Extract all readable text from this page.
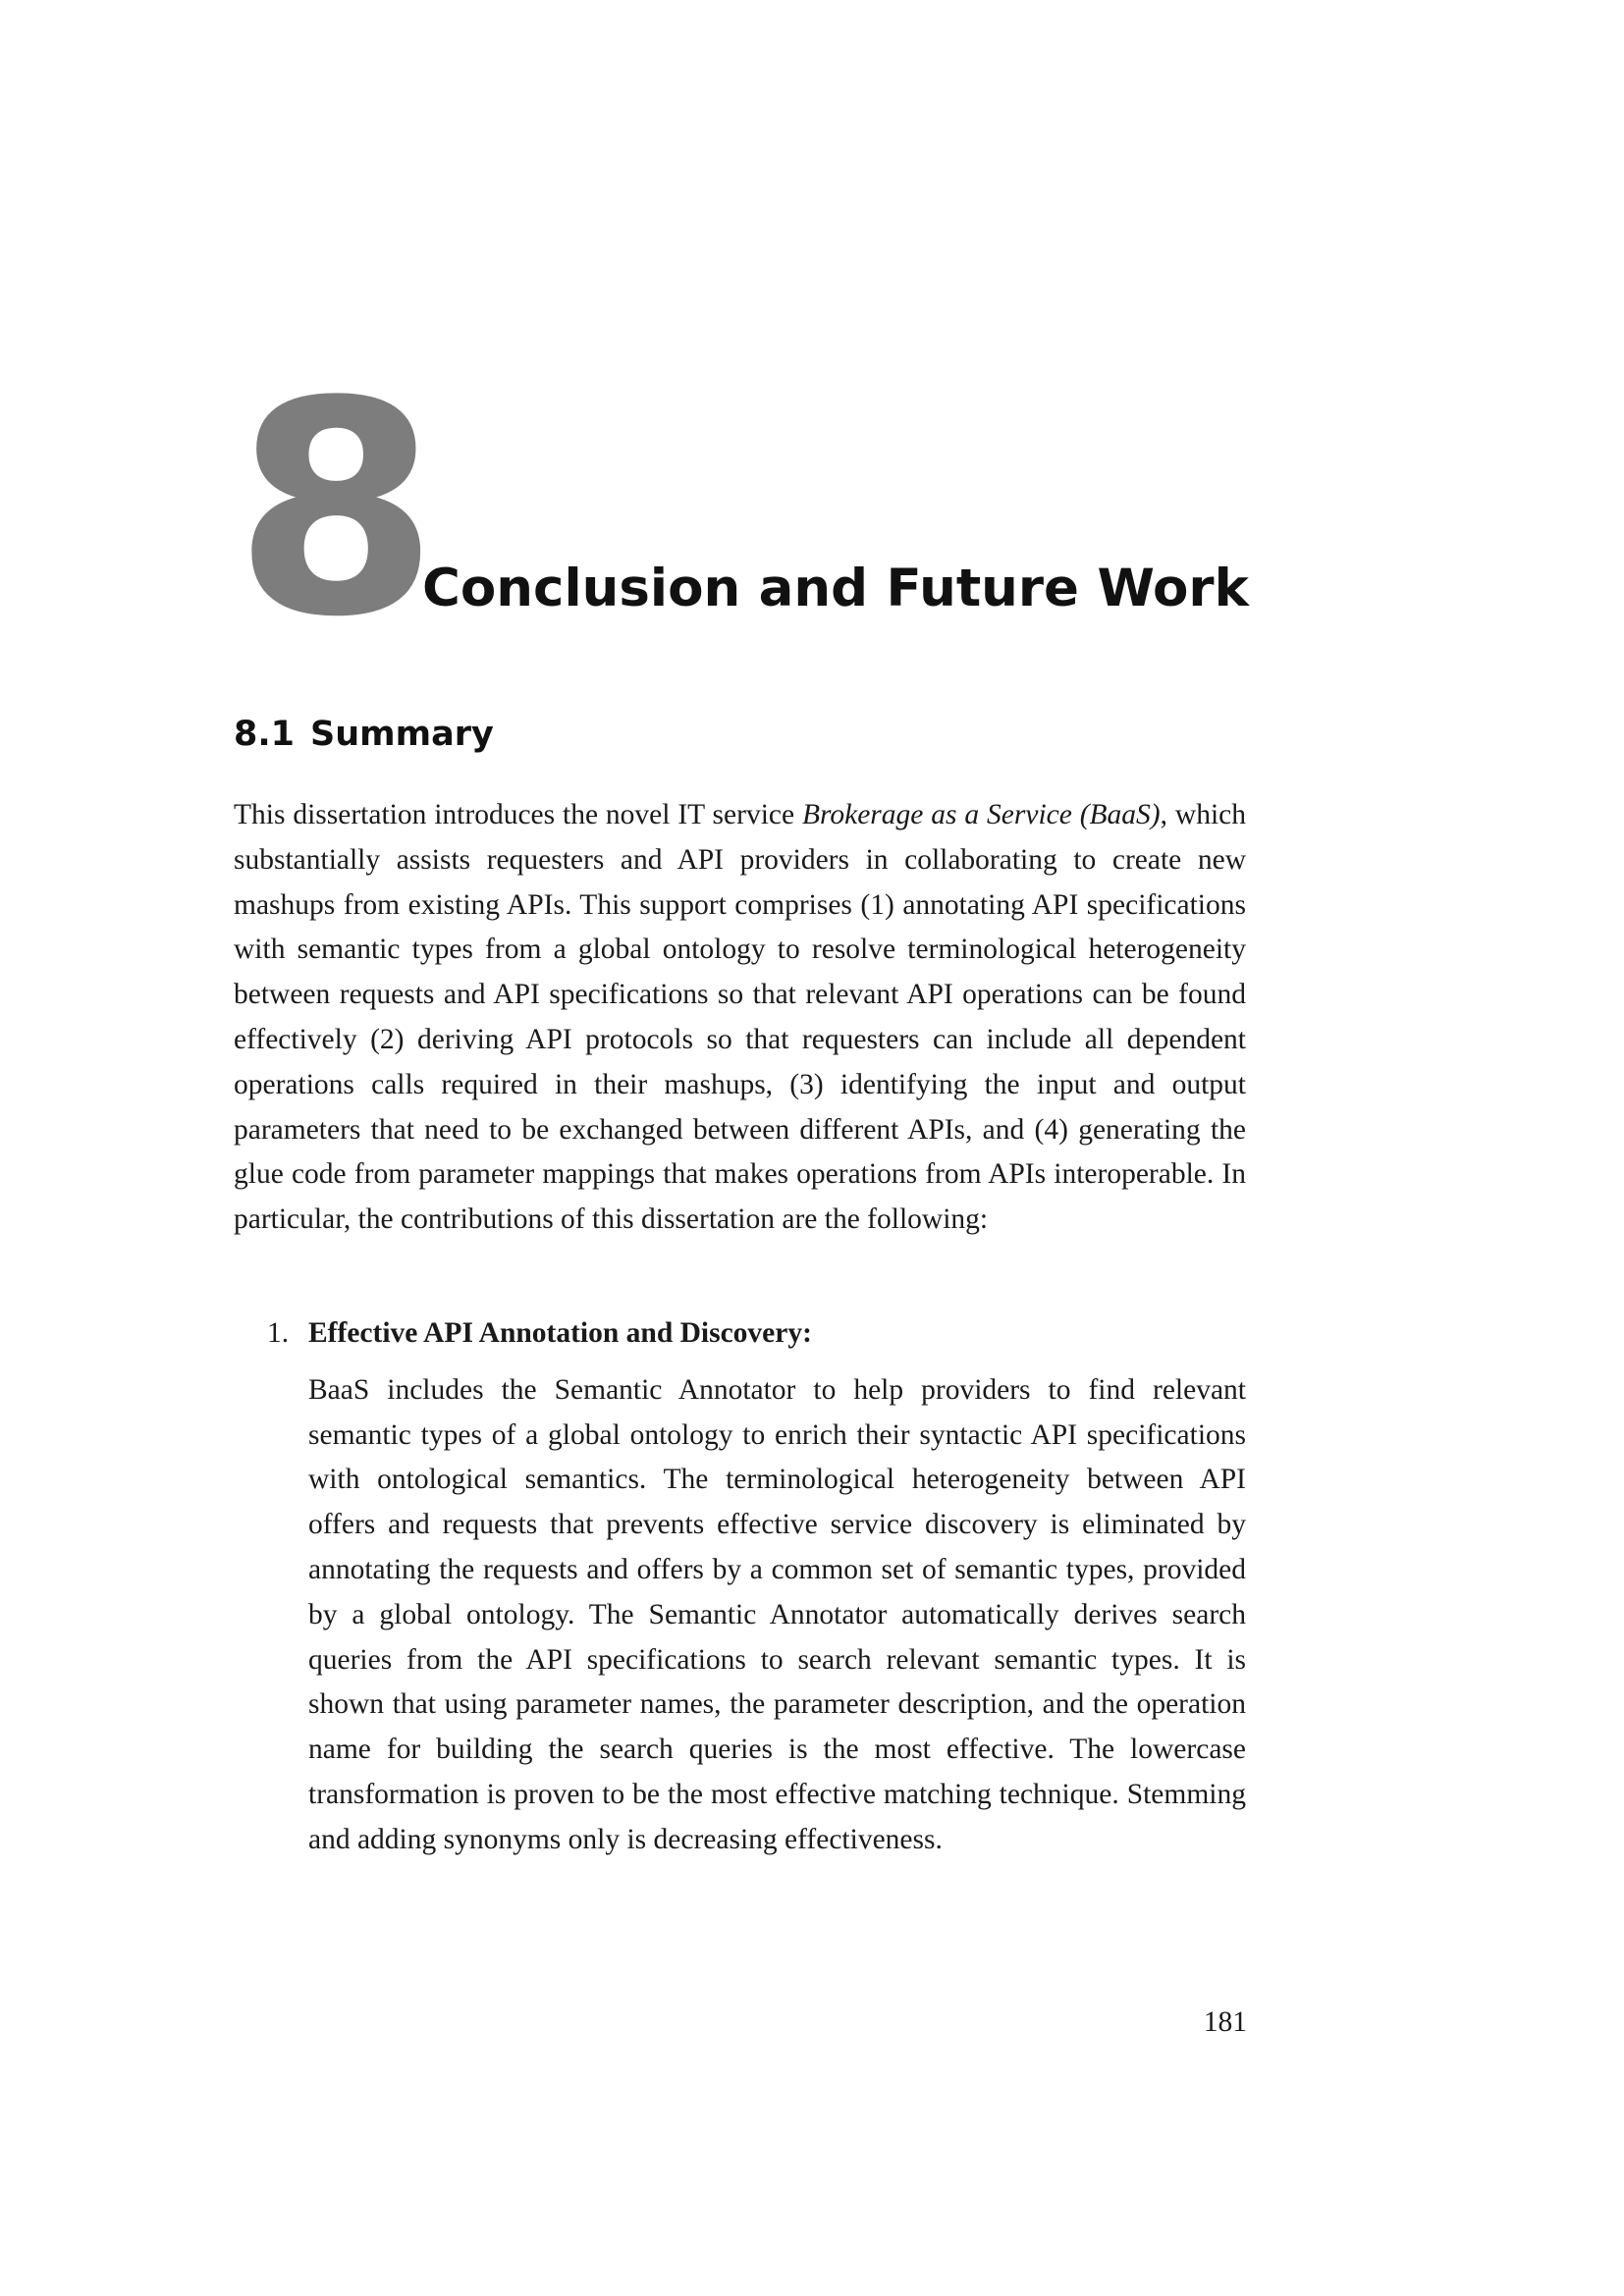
8
Conclusion and Future Work
8.1 Summary

This dissertation introduces the novel IT service Brokerage as a Service (BaaS), which substantially assists requesters and API providers in collaborating to create new mashups from existing APIs. This support comprises (1) annotating API specifications with semantic types from a global ontology to resolve terminological heterogeneity between requests and API specifications so that relevant API operations can be found effectively (2) deriving API protocols so that requesters can include all dependent operations calls required in their mashups, (3) identifying the input and output parameters that need to be exchanged between different APIs, and (4) generating the glue code from parameter mappings that makes operations from APIs interoperable. In particular, the contributions of this dissertation are the following:

1. Effective API Annotation and Discovery:
BaaS includes the Semantic Annotator to help providers to find relevant semantic types of a global ontology to enrich their syntactic API specifications with ontological semantics. The terminological heterogeneity between API offers and requests that prevents effective service discovery is eliminated by annotating the requests and offers by a common set of semantic types, provided by a global ontology. The Semantic Annotator automatically derives search queries from the API specifications to search relevant semantic types. It is shown that using parameter names, the parameter description, and the operation name for building the search queries is the most effective. The lowercase transformation is proven to be the most effective matching technique. Stemming and adding synonyms only is decreasing effectiveness.
181
